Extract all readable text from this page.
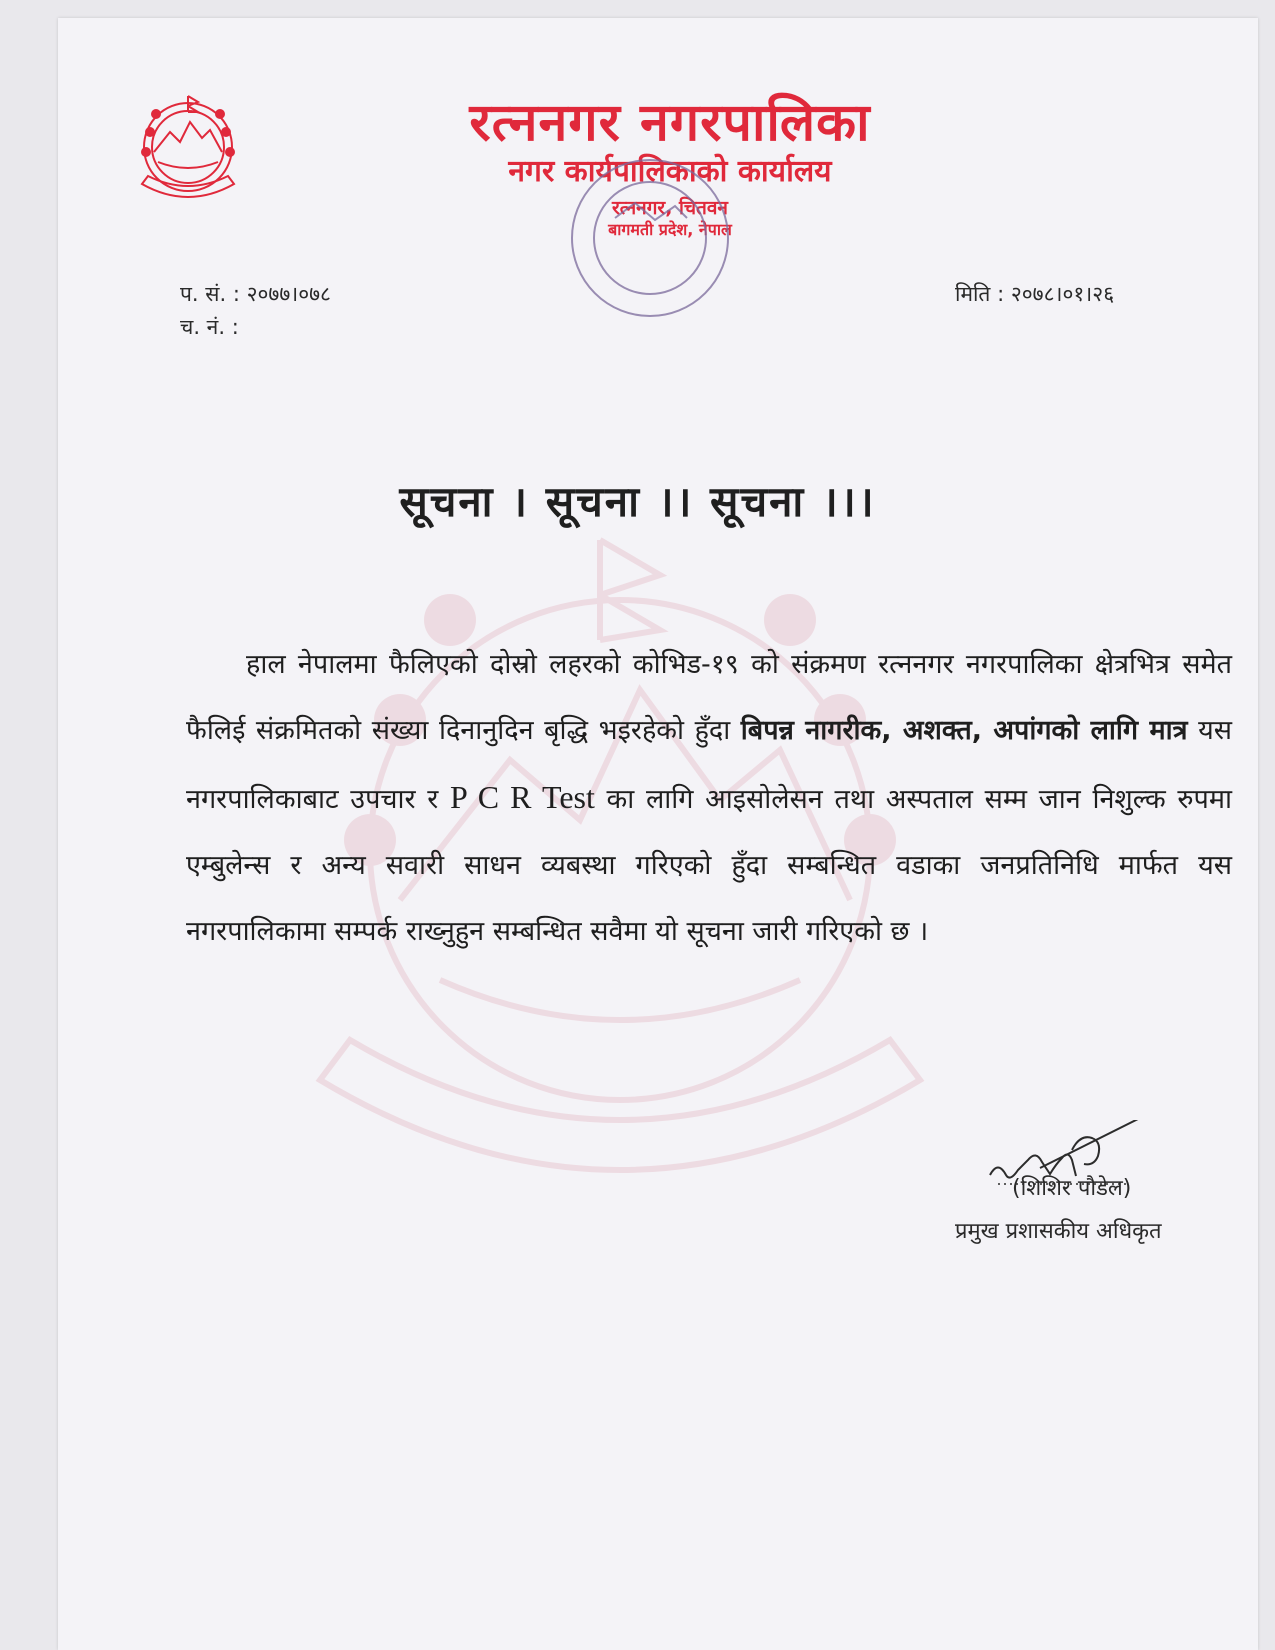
रत्ननगर नगरपालिका
नगर कार्यपालिकाको कार्यालय
रत्ननगर, चितवन
बागमती प्रदेश, नेपाल
प. सं. : २०७७।०७८
च. नं. :
मिति : २०७८।०१।२६
सूचना । सूचना ।। सूचना ।।।
हाल नेपालमा फैलिएको दोस्रो लहरको कोभिड-१९ को संक्रमण रत्ननगर नगरपालिका क्षेत्रभित्र समेत फैलिई संक्रमितको संख्या दिनानुदिन बृद्धि भइरहेको हुँदा बिपन्न नागरीक, अशक्त, अपांगको लागि मात्र यस नगरपालिकाबाट उपचार र P C R Test का लागि आइसोलेसन तथा अस्पताल सम्म जान निशुल्क रुपमा एम्बुलेन्स र अन्य सवारी साधन व्यबस्था गरिएको हुँदा सम्बन्धित वडाका जनप्रतिनिधि मार्फत यस नगरपालिकामा सम्पर्क राख्नुहुन सम्बन्धित सवैमा यो सूचना जारी गरिएको छ ।
(शिशिर पौडेल)
प्रमुख प्रशासकीय अधिकृत
